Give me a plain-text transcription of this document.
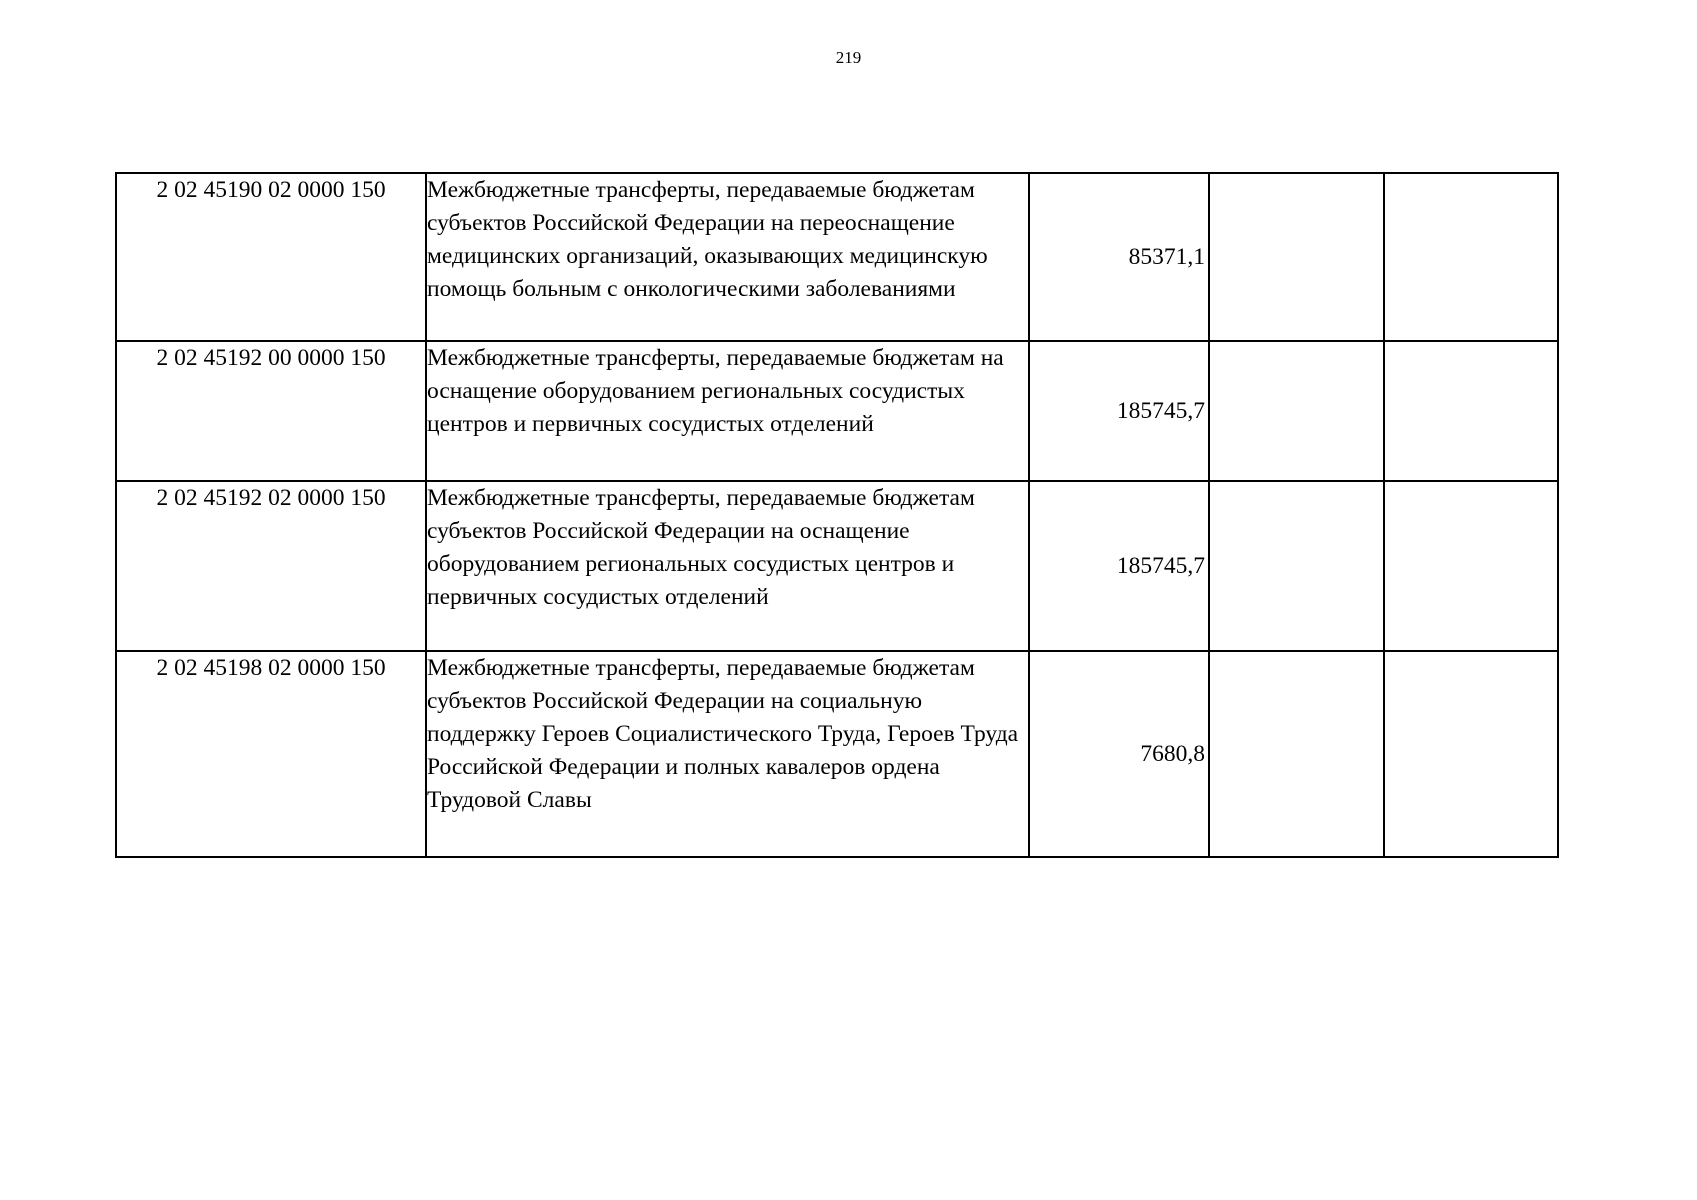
219
2 02 45190 02 0000 150	Межбюджетные трансферты, передаваемые бюджетам субъектов Российской Федерации на переоснащение медицинских организаций, оказывающих медицинскую помощь больным с онкологическими заболеваниями	85371,1		
2 02 45192 00 0000 150	Межбюджетные трансферты, передаваемые бюджетам на оснащение оборудованием региональных сосудистых центров и первичных сосудистых отделений	185745,7		
2 02 45192 02 0000 150	Межбюджетные трансферты, передаваемые бюджетам субъектов Российской Федерации на оснащение оборудованием региональных сосудистых центров и первичных сосудистых отделений	185745,7		
2 02 45198 02 0000 150	Межбюджетные трансферты, передаваемые бюджетам субъектов Российской Федерации на социальную поддержку Героев Социалистического Труда, Героев Труда Российской Федерации и полных кавалеров ордена Трудовой Славы	7680,8		
